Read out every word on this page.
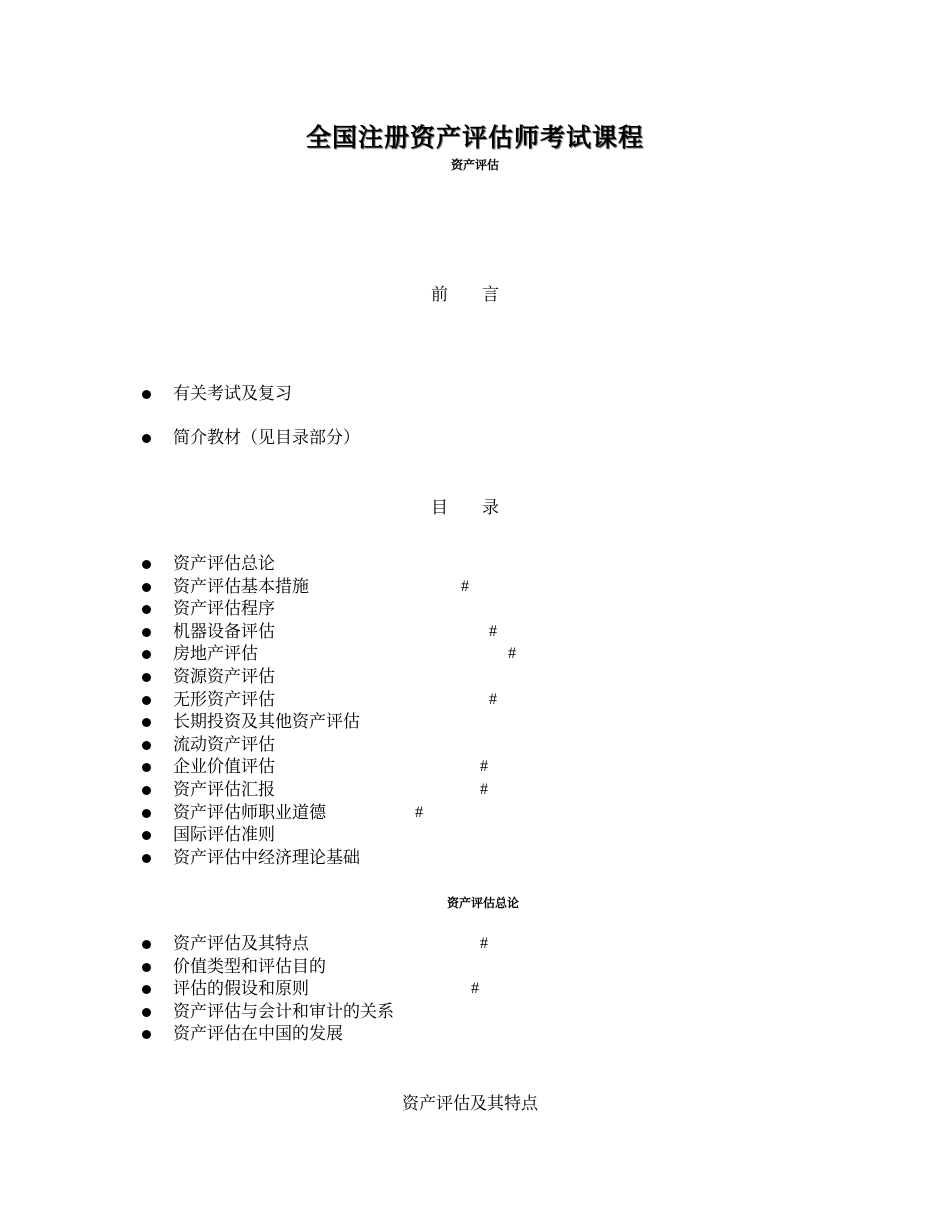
全国注册资产评估师考试课程
资产评估
前　　言
有关考试及复习
简介教材（见目录部分）
目　　录
资产评估总论
资产评估基本措施	#
资产评估程序
机器设备评估	#
房地产评估	#
资源资产评估
无形资产评估	#
长期投资及其他资产评估
流动资产评估
企业价值评估	#
资产评估汇报	#
资产评估师职业道德	#
国际评估准则
资产评估中经济理论基础
资产评估总论
资产评估及其特点	#
价值类型和评估目的
评估的假设和原则	#
资产评估与会计和审计的关系
资产评估在中国的发展
资产评估及其特点
